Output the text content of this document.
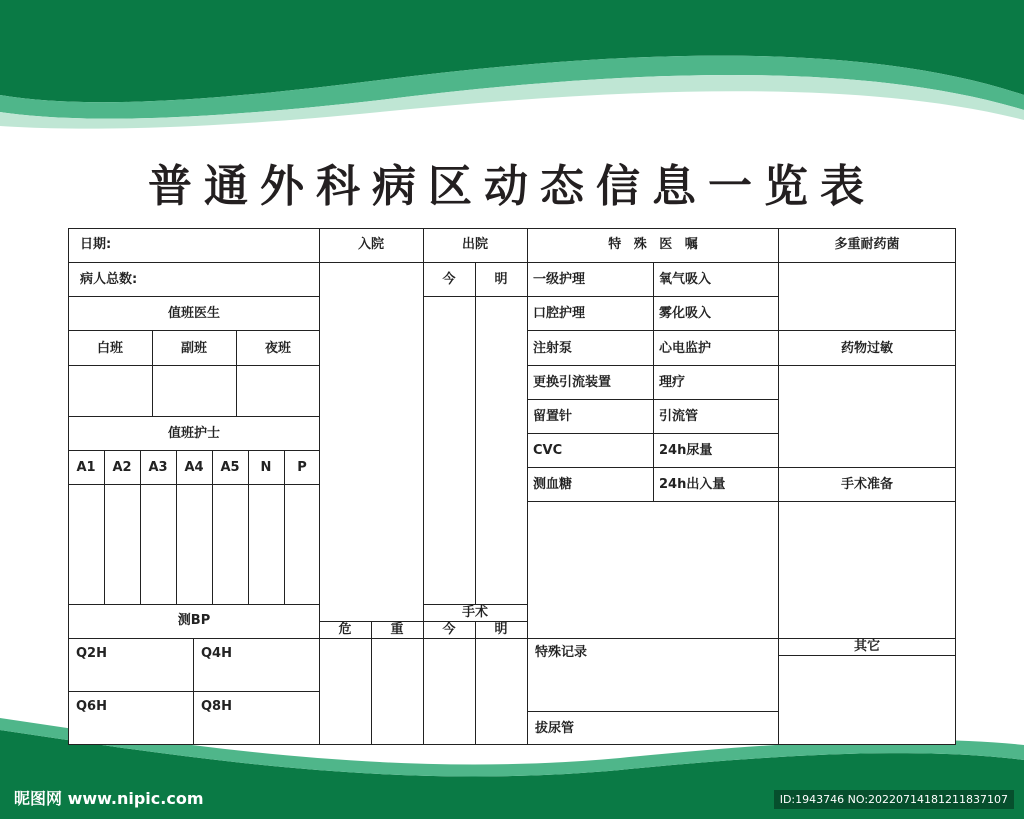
普通外科病区动态信息一览表
日期:
病人总数:
值班医生
白班	副班	夜班
值班护士
A1 A2 A3 A4 A5 N P
测BP
Q2H	Q4H
Q6H	Q8H
入院
危	重
出院
今	明
手术
今	明
特 殊 医 嘱
一级护理	氧气吸入
口腔护理	雾化吸入
注射泵	心电监护
更换引流装置	理疗
留置针	引流管
CVC	24h尿量
测血糖	24h出入量
特殊记录
拔尿管
多重耐药菌
药物过敏
手术准备
其它
昵图网 www.nipic.com	ID:1943746 NO:20220714181211837107
